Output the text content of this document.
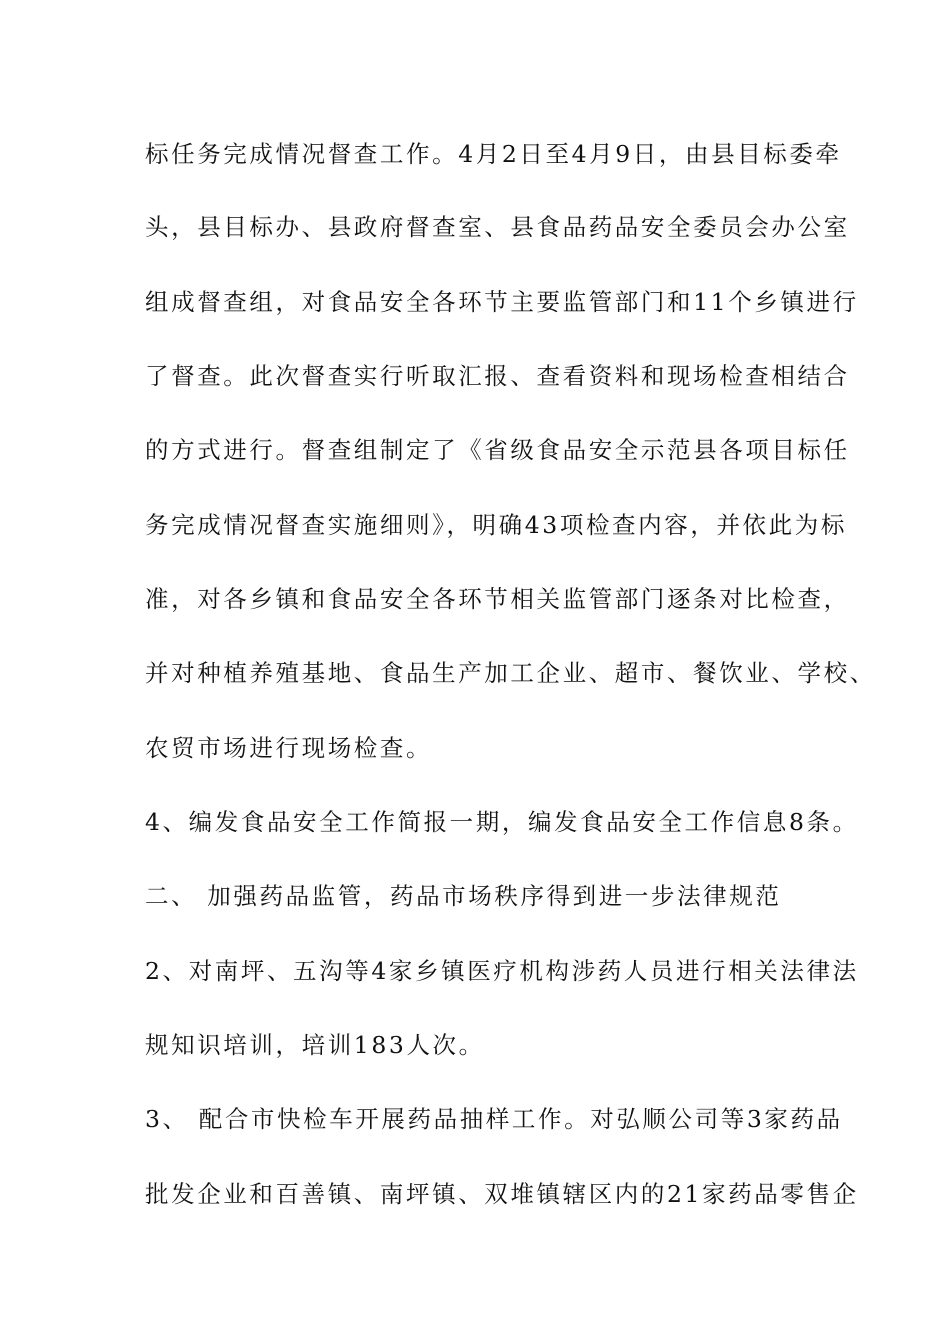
标任务完成情况督查工作。4月2日至4月9日，由县目标委牵
头，县目标办、县政府督查室、县食品药品安全委员会办公室
组成督查组，对食品安全各环节主要监管部门和11个乡镇进行
了督查。此次督查实行听取汇报、查看资料和现场检查相结合
的方式进行。督查组制定了《省级食品安全示范县各项目标任
务完成情况督查实施细则》，明确43项检查内容，并依此为标
准，对各乡镇和食品安全各环节相关监管部门逐条对比检查，
并对种植养殖基地、食品生产加工企业、超市、餐饮业、学校、
农贸市场进行现场检查。
4、编发食品安全工作简报一期，编发食品安全工作信息8条。
二、 加强药品监管，药品市场秩序得到进一步法律规范
2、对南坪、五沟等4家乡镇医疗机构涉药人员进行相关法律法
规知识培训，培训183人次。
3、 配合市快检车开展药品抽样工作。对弘顺公司等3家药品
批发企业和百善镇、南坪镇、双堆镇辖区内的21家药品零售企
